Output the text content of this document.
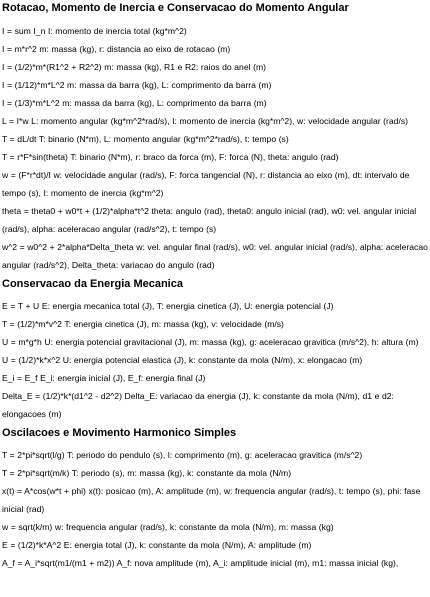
Rotacao, Momento de Inercia e Conservacao do Momento Angular

I = sum I_n I: momento de inercia total (kg*m^2)

I = m*r^2 m: massa (kg), r: distancia ao eixo de rotacao (m)

I = (1/2)*m*(R1^2 + R2^2) m: massa (kg), R1 e R2: raios do anel (m)

I = (1/12)*m*L^2 m: massa da barra (kg), L: comprimento da barra (m)

I = (1/3)*m*L^2 m: massa da barra (kg), L: comprimento da barra (m)

L = I*w L: momento angular (kg*m^2*rad/s), I: momento de inercia (kg*m^2), w: velocidade angular (rad/s)

T = dL/dt T: binario (N*m), L: momento angular (kg*m^2*rad/s), t: tempo (s)

T = r*F*sin(theta) T: binario (N*m), r: braco da forca (m), F: forca (N), theta: angulo (rad)

w = (F*r*dt)/I w: velocidade angular (rad/s), F: forca tangencial (N), r: distancia ao eixo (m), dt: intervalo de tempo (s), I: momento de inercia (kg*m^2)

theta = theta0 + w0*t + (1/2)*alpha*t^2 theta: angulo (rad), theta0: angulo inicial (rad), w0: vel. angular inicial (rad/s), alpha: aceleracao angular (rad/s^2), t: tempo (s)

w^2 = w0^2 + 2*alpha*Delta_theta w: vel. angular final (rad/s), w0: vel. angular inicial (rad/s), alpha: aceleracao angular (rad/s^2), Delta_theta: variacao do angulo (rad)

Conservacao da Energia Mecanica

E = T + U E: energia mecanica total (J), T: energia cinetica (J), U: energia potencial (J)

T = (1/2)*m*v^2 T: energia cinetica (J), m: massa (kg), v: velocidade (m/s)

U = m*g*h U: energia potencial gravitacional (J), m: massa (kg), g: aceleracao gravitica (m/s^2), h: altura (m)

U = (1/2)*k*x^2 U: energia potencial elastica (J), k: constante da mola (N/m), x: elongacao (m)

E_i = E_f E_i: energia inicial (J), E_f: energia final (J)

Delta_E = (1/2)*k*(d1^2 - d2^2) Delta_E: variacao da energia (J), k: constante da mola (N/m), d1 e d2: elongacoes (m)

Oscilacoes e Movimento Harmonico Simples

T = 2*pi*sqrt(l/g) T: periodo do pendulo (s), l: comprimento (m), g: aceleracao gravitica (m/s^2)

T = 2*pi*sqrt(m/k) T: periodo (s), m: massa (kg), k: constante da mola (N/m)

x(t) = A*cos(w*t + phi) x(t): posicao (m), A: amplitude (m), w: frequencia angular (rad/s), t: tempo (s), phi: fase inicial (rad)

w = sqrt(k/m) w: frequencia angular (rad/s), k: constante da mola (N/m), m: massa (kg)

E = (1/2)*k*A^2 E: energia total (J), k: constante da mola (N/m), A: amplitude (m)

A_f = A_i*sqrt(m1/(m1 + m2)) A_f: nova amplitude (m), A_i: amplitude inicial (m), m1: massa inicial (kg),
